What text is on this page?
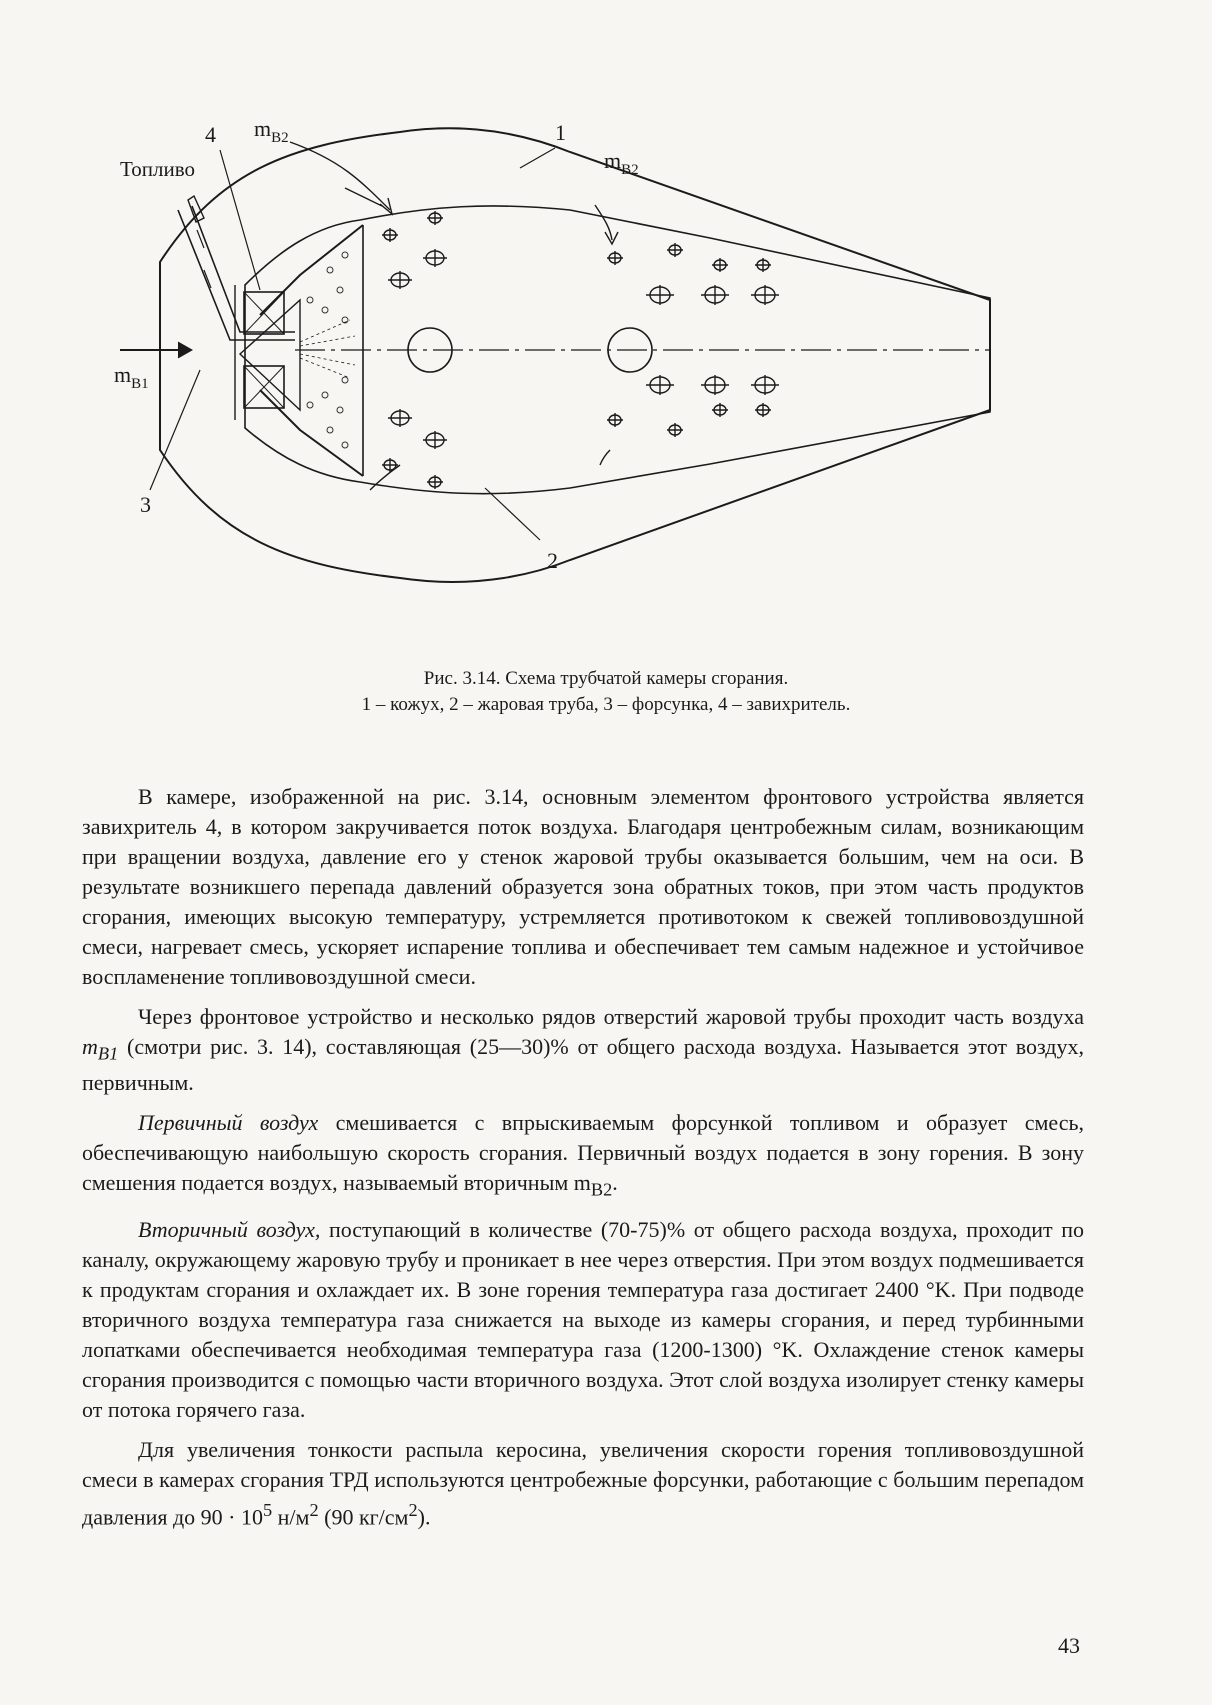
Топливо
4	1
3
2
$m_{B2}$
$m_{B2}$
$m_{B1}$
Рис. 3.14. Схема трубчатой камеры сгорания.
1 – кожух, 2 – жаровая труба, 3 – форсунка, 4 – завихритель.

В камере, изображенной на рис. 3.14, основным элементом фронтового устройства является завихритель 4, в котором закручивается поток воздуха. Благодаря центробежным силам, возникающим при вращении воздуха, давление его у стенок жаровой трубы оказывается большим, чем на оси. В результате возникшего перепада давлений образуется зона обратных токов, при этом часть продуктов сгорания, имеющих высокую температуру, устремляется противотоком к свежей топливовоздушной смеси, нагревает смесь, ускоряет испарение топлива и обеспечивает тем самым надежное и устойчивое воспламенение топливовоздушной смеси.

Через фронтовое устройство и несколько рядов отверстий жаровой трубы проходит часть воздуха $m_{B1}$ (смотри рис. 3. 14), составляющая (25—30)% от общего расхода воздуха. Называется этот воздух, первичным.

Первичный воздух смешивается с впрыскиваемым форсункой топливом и образует смесь, обеспечивающую наибольшую скорость сгорания. Первичный воздух подается в зону горения. В зону смешения подается воздух, называемый вторичным $m_{B2}$.

Вторичный воздух, поступающий в количестве (70-75)% от общего расхода воздуха, проходит по каналу, окружающему жаровую трубу и проникает в нее через отверстия. При этом воздух подмешивается к продуктам сгорания и охлаждает их. В зоне горения температура газа достигает 2400 °K. При подводе вторичного воздуха температура газа снижается на выходе из камеры сгорания, и перед турбинными лопатками обеспечивается необходимая температура газа (1200-1300) °K. Охлаждение стенок камеры сгорания производится с помощью части вторичного воздуха. Этот слой воздуха изолирует стенку камеры от потока горячего газа.

Для увеличения тонкости распыла керосина, увеличения скорости горения топливовоздушной смеси в камерах сгорания ТРД используются центробежные форсунки, работающие с большим перепадом давления до $90 \cdot 10^5$ $н/м^2$ (90 $кг/см^2$).

43
